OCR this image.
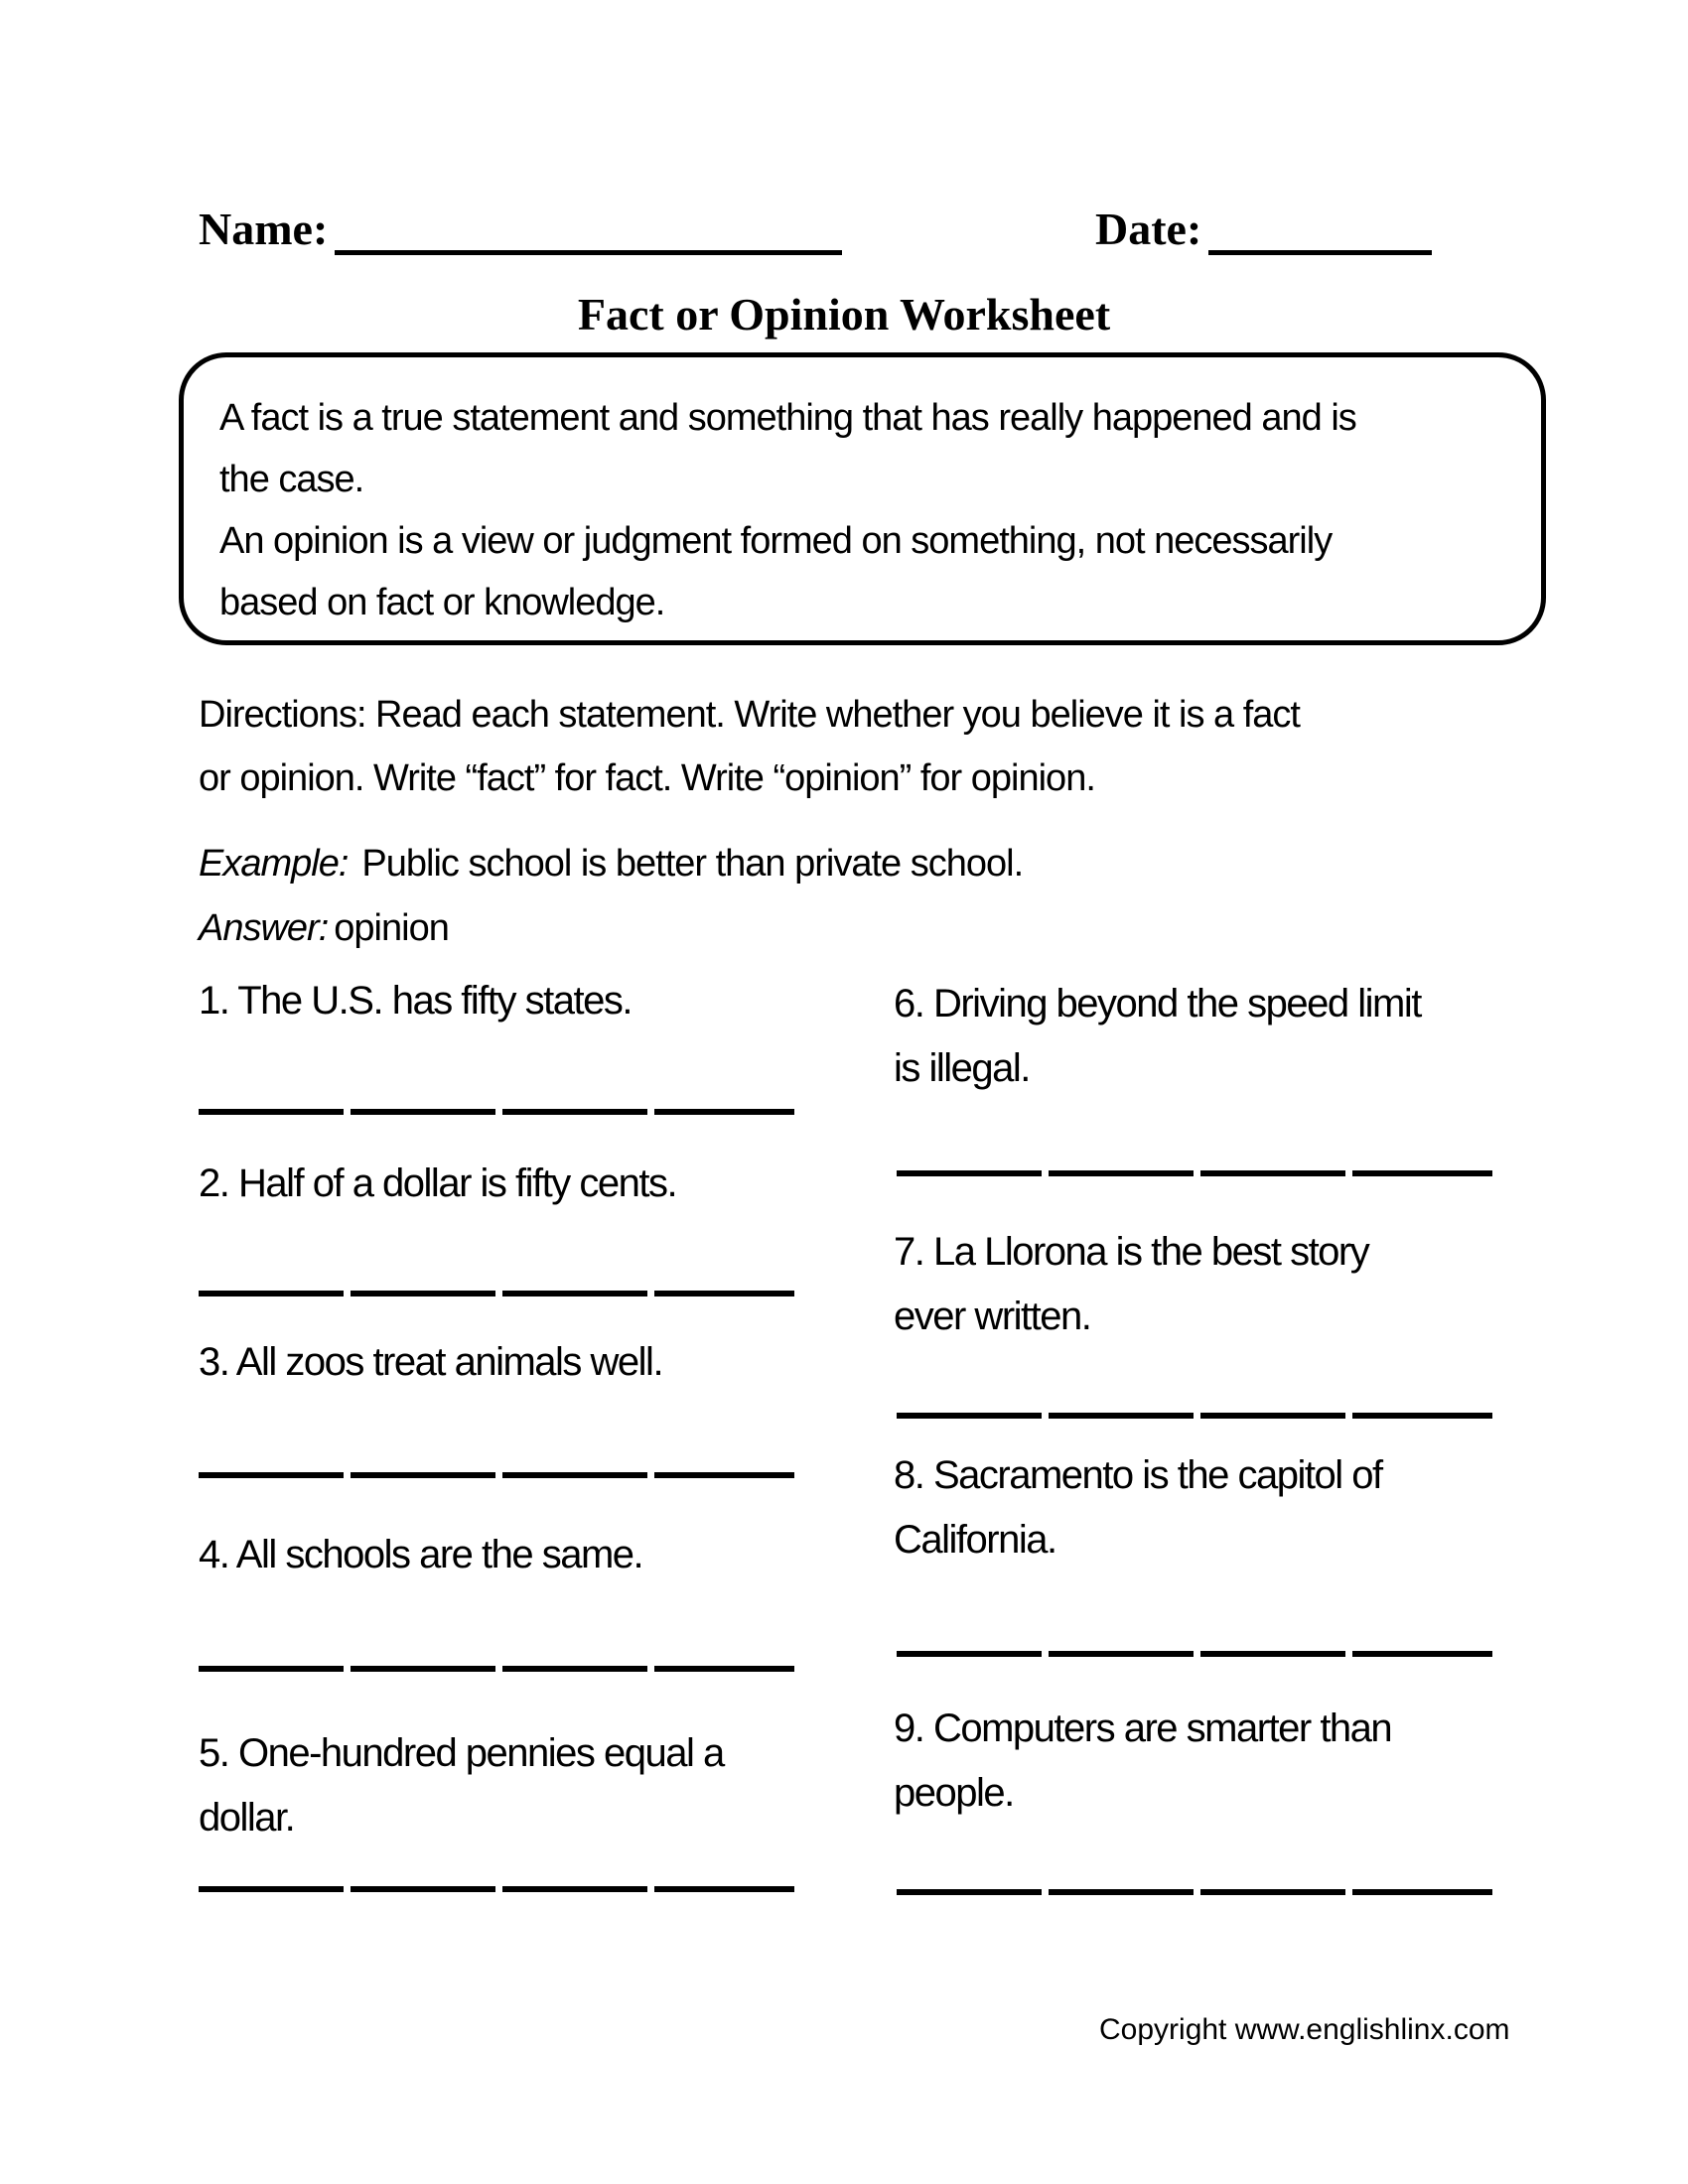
Name:	Date:
Fact or Opinion Worksheet
A fact is a true statement and something that has really happened and is
the case.
An opinion is a view or judgment formed on something, not necessarily
based on fact or knowledge.
Directions: Read each statement. Write whether you believe it is a fact
or opinion. Write “fact” for fact. Write “opinion” for opinion.
Example: Public school is better than private school.
Answer: opinion
1. The U.S. has fifty states.
2. Half of a dollar is fifty cents.
3. All zoos treat animals well.
4. All schools are the same.
5. One-hundred pennies equal a
dollar.
6. Driving beyond the speed limit
is illegal.
7. La Llorona is the best story
ever written.
8. Sacramento is the capitol of
California.
9. Computers are smarter than
people.
Copyright www.englishlinx.com
